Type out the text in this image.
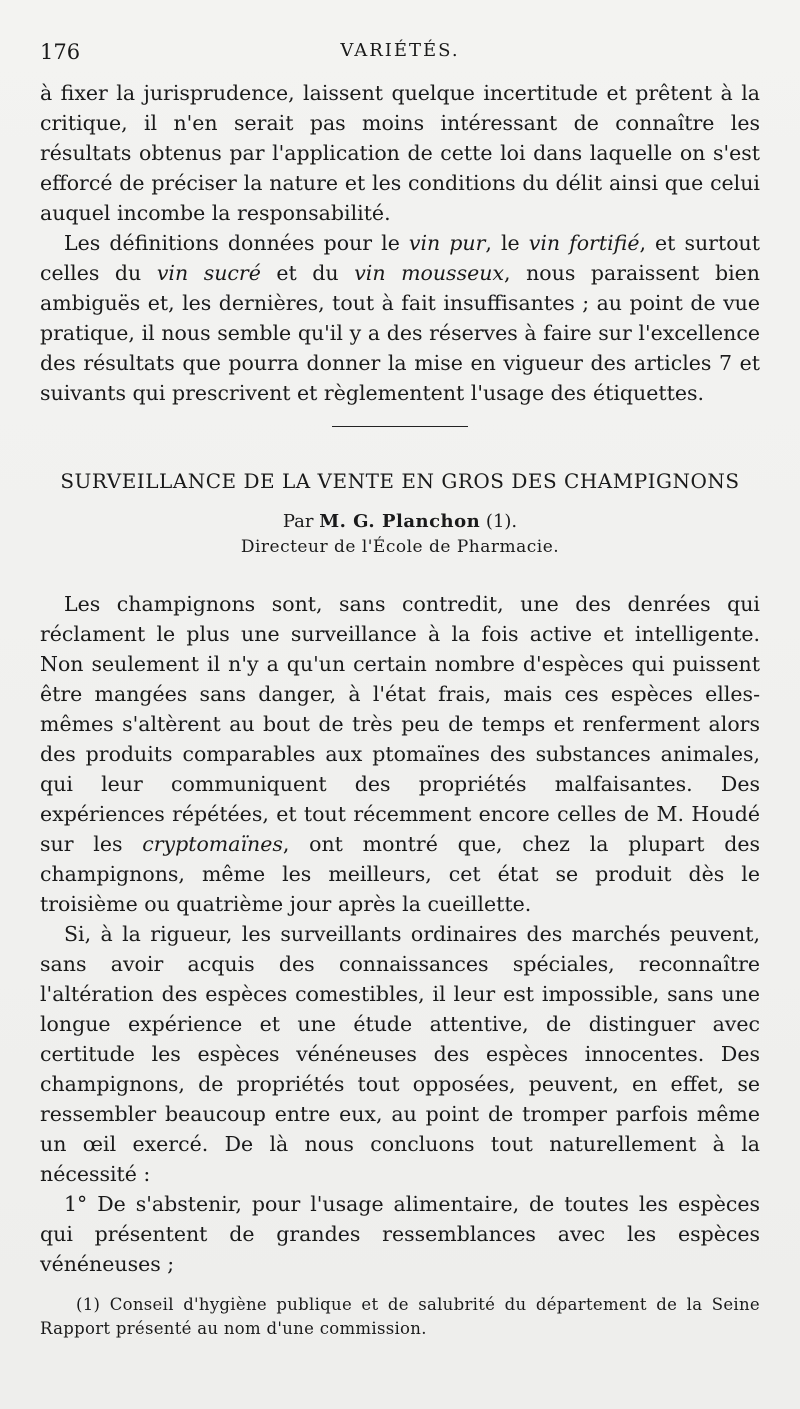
176	VARIÉTÉS.

à fixer la jurisprudence, laissent quelque incertitude et prêtent à la critique, il n'en serait pas moins intéressant de connaître les résultats obtenus par l'application de cette loi dans laquelle on s'est efforcé de préciser la nature et les conditions du délit ainsi que celui auquel incombe la responsabilité.

Les définitions données pour le vin pur, le vin fortifié, et surtout celles du vin sucré et du vin mousseux, nous paraissent bien ambiguës et, les dernières, tout à fait insuffisantes ; au point de vue pratique, il nous semble qu'il y a des réserves à faire sur l'excellence des résultats que pourra donner la mise en vigueur des articles 7 et suivants qui prescrivent et règlementent l'usage des étiquettes.

SURVEILLANCE DE LA VENTE EN GROS DES CHAMPIGNONS
Par M. G. Planchon (1).
Directeur de l'École de Pharmacie.

Les champignons sont, sans contredit, une des denrées qui réclament le plus une surveillance à la fois active et intelligente. Non seulement il n'y a qu'un certain nombre d'espèces qui puissent être mangées sans danger, à l'état frais, mais ces espèces elles-mêmes s'altèrent au bout de très peu de temps et renferment alors des produits comparables aux ptomaïnes des substances animales, qui leur communiquent des propriétés malfaisantes. Des expériences répétées, et tout récemment encore celles de M. Houdé sur les cryptomaïnes, ont montré que, chez la plupart des champignons, même les meilleurs, cet état se produit dès le troisième ou quatrième jour après la cueillette.

Si, à la rigueur, les surveillants ordinaires des marchés peuvent, sans avoir acquis des connaissances spéciales, reconnaître l'altération des espèces comestibles, il leur est impossible, sans une longue expérience et une étude attentive, de distinguer avec certitude les espèces vénéneuses des espèces innocentes. Des champignons, de propriétés tout opposées, peuvent, en effet, se ressembler beaucoup entre eux, au point de tromper parfois même un œil exercé. De là nous concluons tout naturellement à la nécessité :

1° De s'abstenir, pour l'usage alimentaire, de toutes les espèces qui présentent de grandes ressemblances avec les espèces vénéneuses ;

(1) Conseil d'hygiène publique et de salubrité du département de la Seine Rapport présenté au nom d'une commission.
